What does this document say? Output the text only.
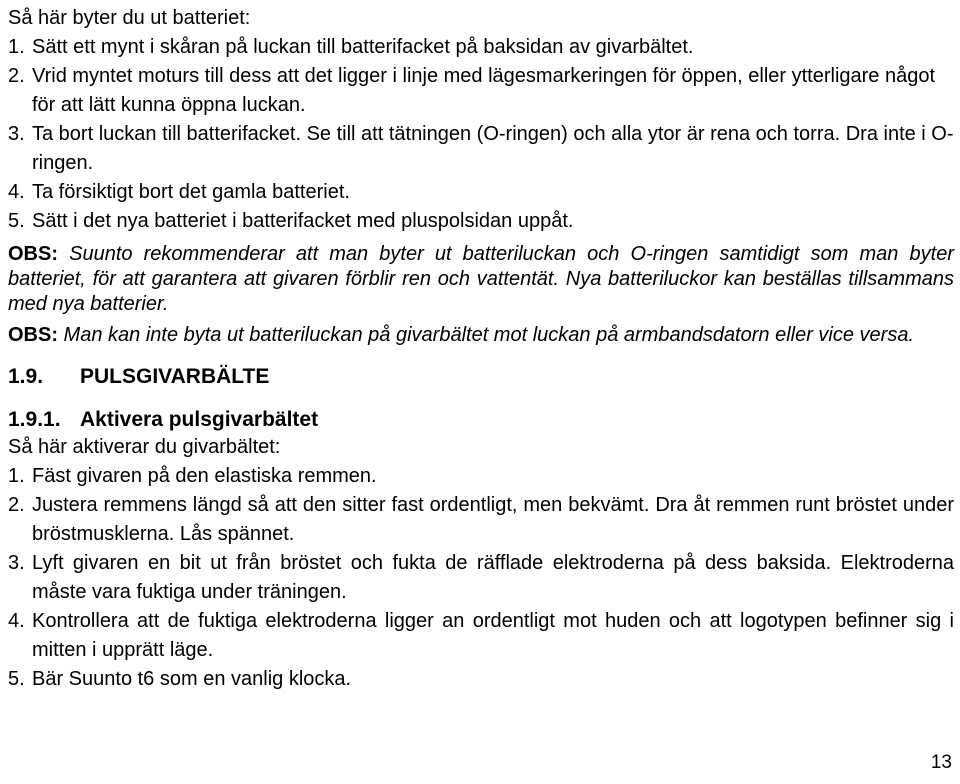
Så här byter du ut batteriet:

1. Sätt ett mynt i skåran på luckan till batterifacket på baksidan av givarbältet.
2. Vrid myntet moturs till dess att det ligger i linje med lägesmarkeringen för öppen, eller ytterligare något för att lätt kunna öppna luckan.
3. Ta bort luckan till batterifacket. Se till att tätningen (O-ringen) och alla ytor är rena och torra. Dra inte i O-ringen.
4. Ta försiktigt bort det gamla batteriet.
5. Sätt i det nya batteriet i batterifacket med pluspolsidan uppåt.

OBS: Suunto rekommenderar att man byter ut batteriluckan och O-ringen samtidigt som man byter batteriet, för att garantera att givaren förblir ren och vattentät. Nya batteriluckor kan beställas tillsammans med nya batterier.

OBS: Man kan inte byta ut batteriluckan på givarbältet mot luckan på armbandsdatorn eller vice versa.

1.9. PULSGIVARBÄLTE
1.9.1. Aktivera pulsgivarbältet

Så här aktiverar du givarbältet:

1. Fäst givaren på den elastiska remmen.
2. Justera remmens längd så att den sitter fast ordentligt, men bekvämt. Dra åt remmen runt bröstet under bröstmusklerna. Lås spännet.
3. Lyft givaren en bit ut från bröstet och fukta de räfflade elektroderna på dess baksida. Elektroderna måste vara fuktiga under träningen.
4. Kontrollera att de fuktiga elektroderna ligger an ordentligt mot huden och att logotypen befinner sig i mitten i upprätt läge.
5. Bär Suunto t6 som en vanlig klocka.
13
